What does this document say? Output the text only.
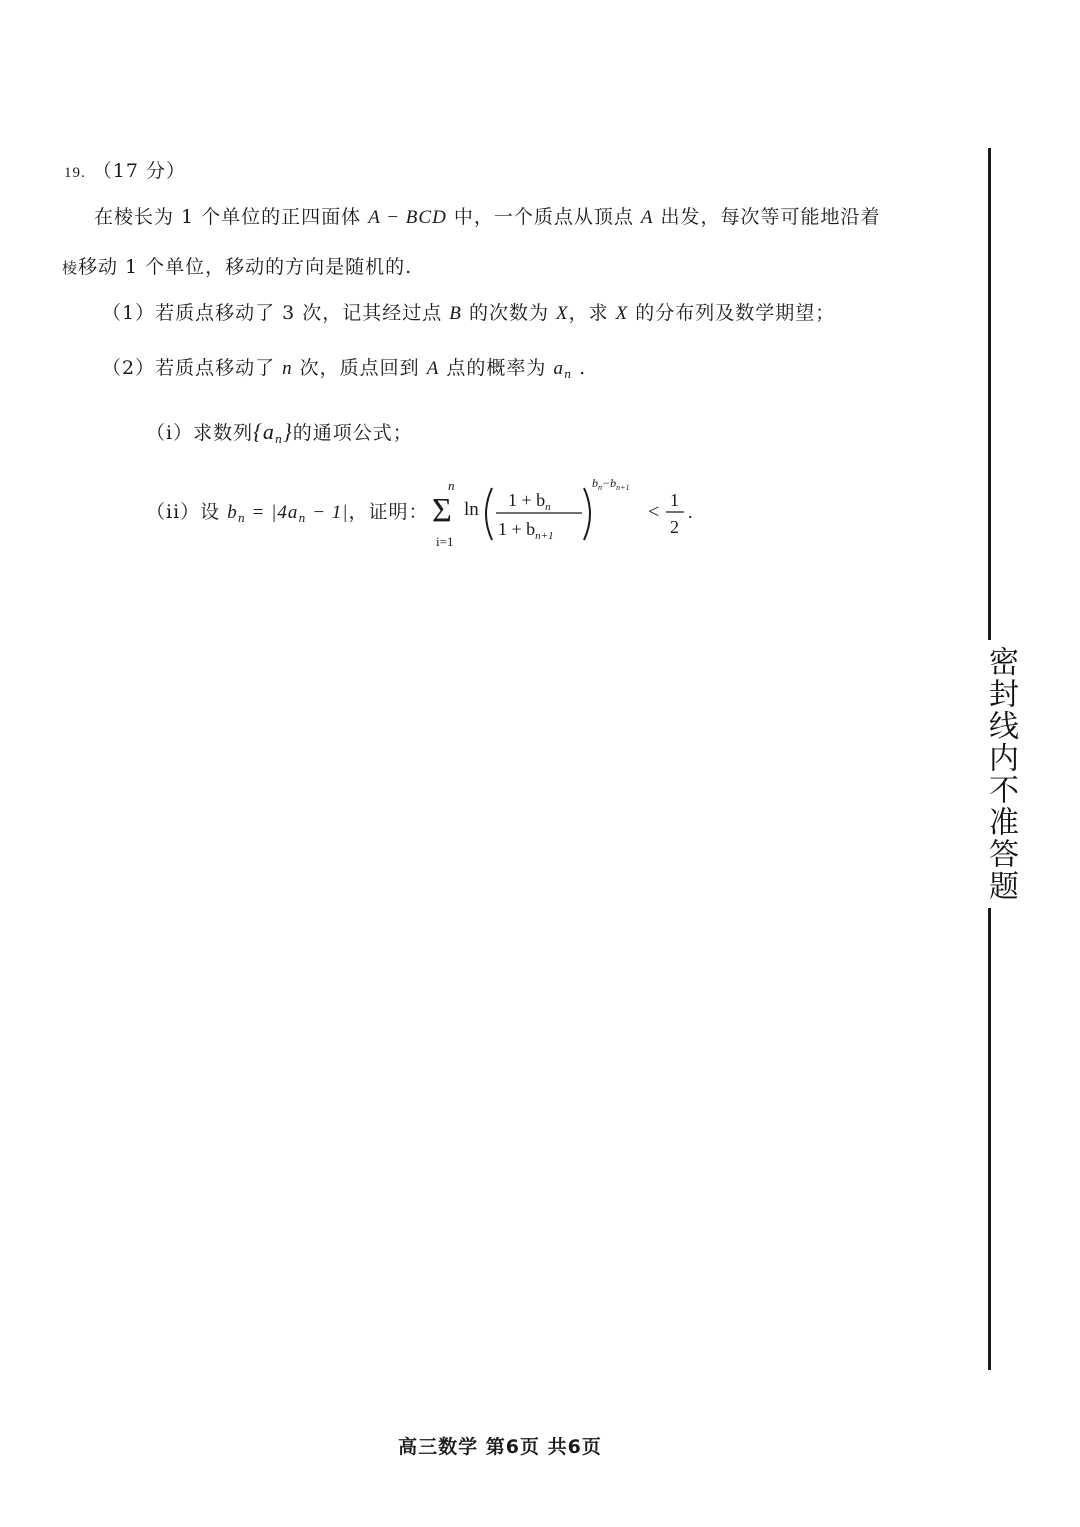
19. （17 分）
在棱长为 1 个单位的正四面体 A − BCD 中，一个质点从顶点 A 出发，每次等可能地沿着
棱移动 1 个单位，移动的方向是随机的.
（1）若质点移动了 3 次，记其经过点 B 的次数为 X，求 X 的分布列及数学期望；
（2）若质点移动了 n 次，质点回到 A 点的概率为 $a_n$ .
（i）求数列$\{a_n\}$的通项公式；
（ii）设 $b_n = |4a_n - 1|$，证明：
n
Σ
i=1
$\ln 1 + b_n$
$1 + b_{n+1}$
$b_n-b_{n+1}$
<
1
2
.
密封线内不准答题
高三数学 第6页 共6页
